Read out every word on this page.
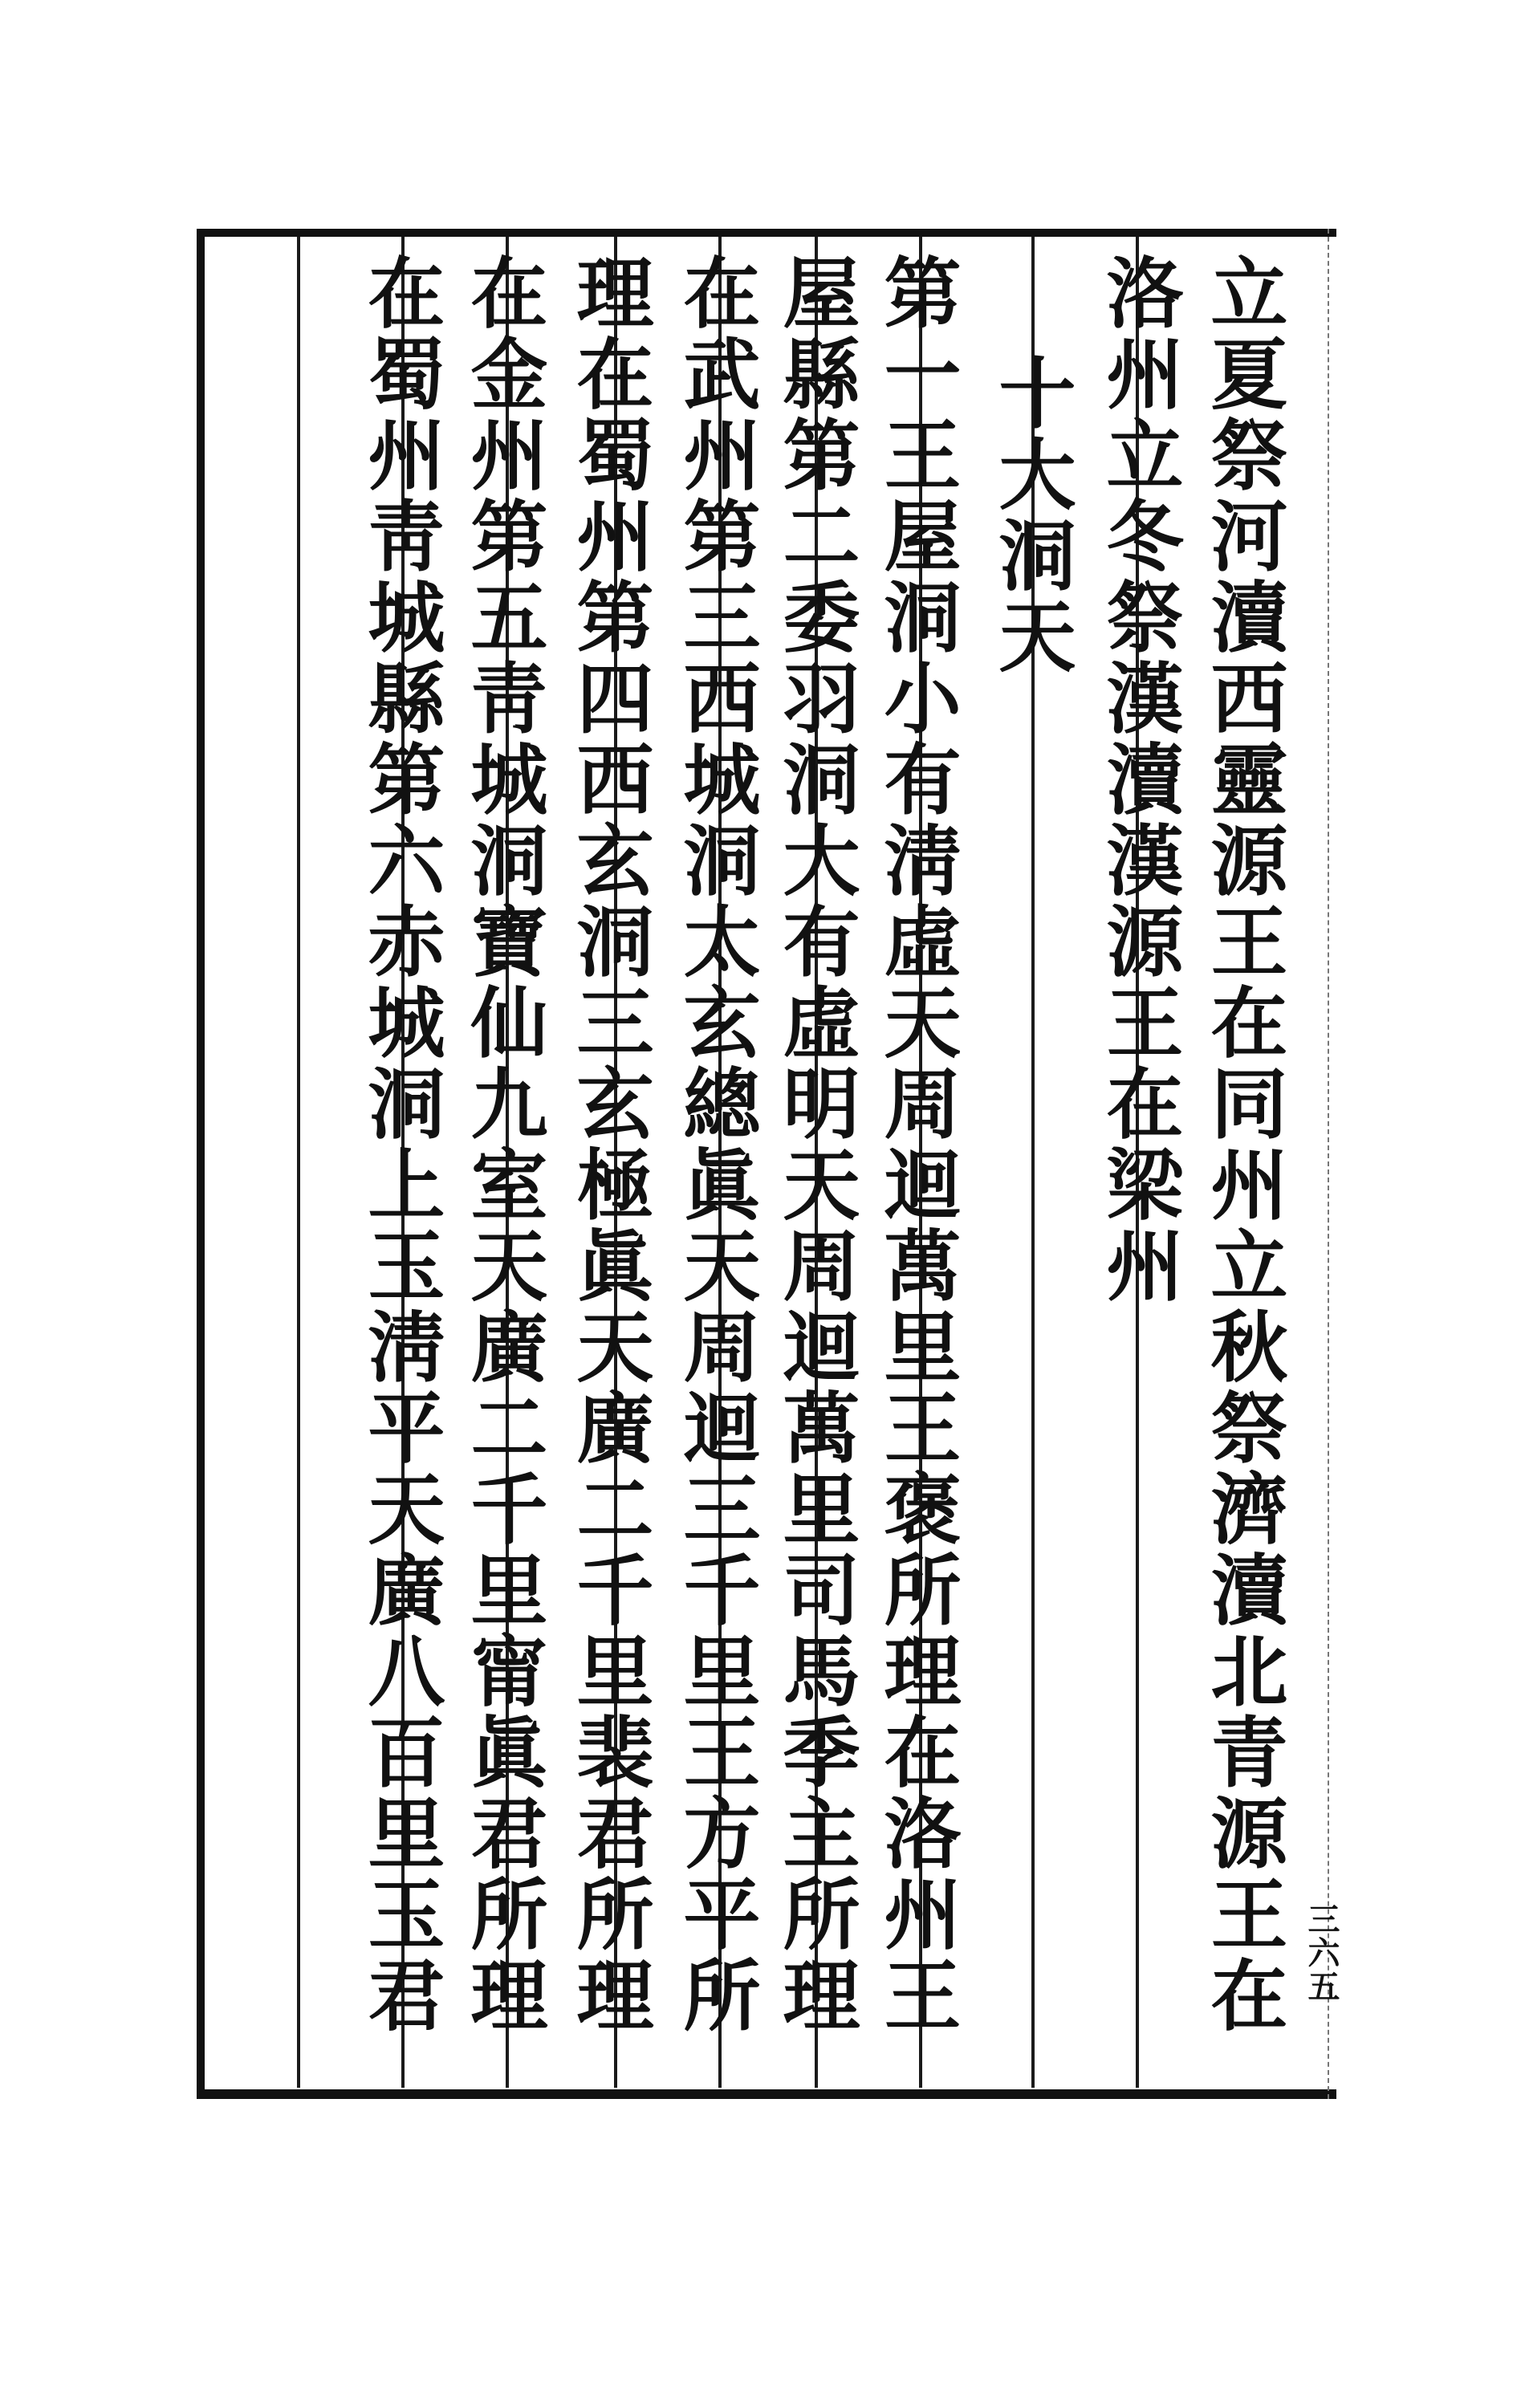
立夏祭河瀆西靈源王在同州立秋祭濟瀆北青源王在
洛州立冬祭漢瀆漢源王在梁州
十大洞天
第一王屋洞小有淸虛天周迴萬里王褒所理在洛州王
屋縣第二委羽洞大有虛明天周迴萬里司馬季主所理
在武州第三西城洞太玄總眞天周迴三千里王方平所
理在蜀州第四西玄洞三玄極眞天廣二千里裴君所理
在金州第五靑城洞寶仙九室天廣二千里甯眞君所理
在蜀州靑城縣第六赤城洞上玉淸平天廣八百里玉君	三六五
